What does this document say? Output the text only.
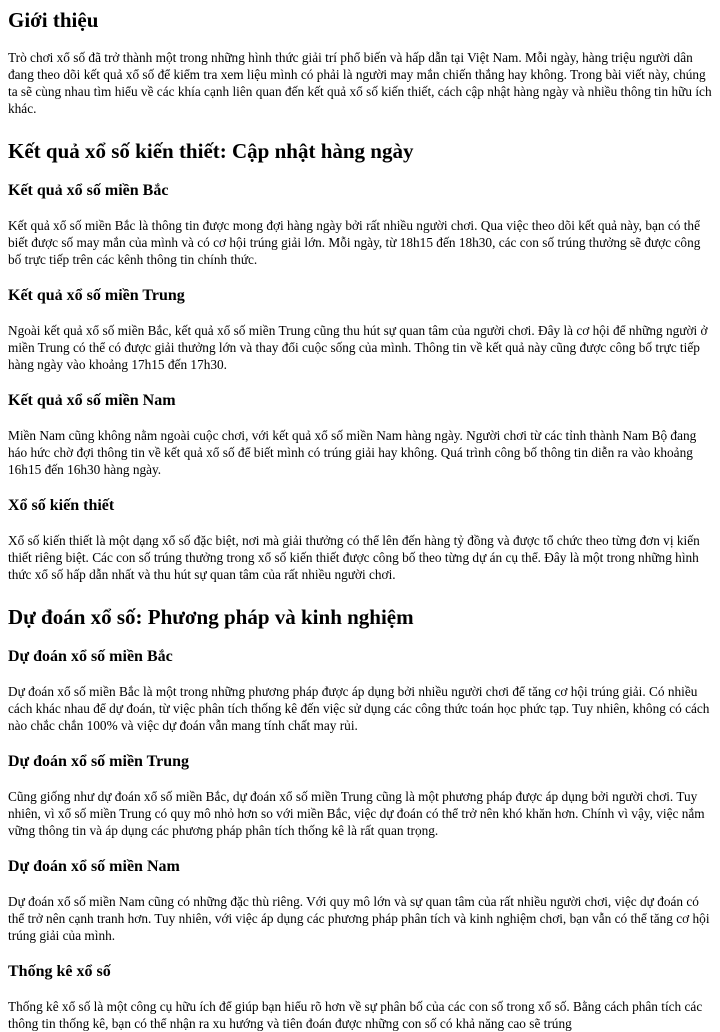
Giới thiệu

Trò chơi xổ số đã trở thành một trong những hình thức giải trí phổ biến và hấp dẫn tại Việt Nam. Mỗi ngày, hàng triệu người dân đang theo dõi kết quả xổ số để kiểm tra xem liệu mình có phải là người may mắn chiến thắng hay không. Trong bài viết này, chúng ta sẽ cùng nhau tìm hiểu về các khía cạnh liên quan đến kết quả xổ số kiến thiết, cách cập nhật hàng ngày và nhiều thông tin hữu ích khác.

Kết quả xổ số kiến thiết: Cập nhật hàng ngày
Kết quả xổ số miền Bắc

Kết quả xổ số miền Bắc là thông tin được mong đợi hàng ngày bởi rất nhiều người chơi. Qua việc theo dõi kết quả này, bạn có thể biết được số may mắn của mình và có cơ hội trúng giải lớn. Mỗi ngày, từ 18h15 đến 18h30, các con số trúng thưởng sẽ được công bố trực tiếp trên các kênh thông tin chính thức.

Kết quả xổ số miền Trung

Ngoài kết quả xổ số miền Bắc, kết quả xổ số miền Trung cũng thu hút sự quan tâm của người chơi. Đây là cơ hội để những người ở miền Trung có thể có được giải thưởng lớn và thay đổi cuộc sống của mình. Thông tin về kết quả này cũng được công bố trực tiếp hàng ngày vào khoảng 17h15 đến 17h30.

Kết quả xổ số miền Nam

Miền Nam cũng không nằm ngoài cuộc chơi, với kết quả xổ số miền Nam hàng ngày. Người chơi từ các tỉnh thành Nam Bộ đang háo hức chờ đợi thông tin về kết quả xổ số để biết mình có trúng giải hay không. Quá trình công bố thông tin diễn ra vào khoảng 16h15 đến 16h30 hàng ngày.

Xổ số kiến thiết

Xổ số kiến thiết là một dạng xổ số đặc biệt, nơi mà giải thưởng có thể lên đến hàng tỷ đồng và được tổ chức theo từng đơn vị kiến thiết riêng biệt. Các con số trúng thưởng trong xổ số kiến thiết được công bố theo từng dự án cụ thể. Đây là một trong những hình thức xổ số hấp dẫn nhất và thu hút sự quan tâm của rất nhiều người chơi.

Dự đoán xổ số: Phương pháp và kinh nghiệm
Dự đoán xổ số miền Bắc

Dự đoán xổ số miền Bắc là một trong những phương pháp được áp dụng bởi nhiều người chơi để tăng cơ hội trúng giải. Có nhiều cách khác nhau để dự đoán, từ việc phân tích thống kê đến việc sử dụng các công thức toán học phức tạp. Tuy nhiên, không có cách nào chắc chắn 100% và việc dự đoán vẫn mang tính chất may rủi.

Dự đoán xổ số miền Trung

Cũng giống như dự đoán xổ số miền Bắc, dự đoán xổ số miền Trung cũng là một phương pháp được áp dụng bởi người chơi. Tuy nhiên, vì xổ số miền Trung có quy mô nhỏ hơn so với miền Bắc, việc dự đoán có thể trở nên khó khăn hơn. Chính vì vậy, việc nắm vững thông tin và áp dụng các phương pháp phân tích thống kê là rất quan trọng.

Dự đoán xổ số miền Nam

Dự đoán xổ số miền Nam cũng có những đặc thù riêng. Với quy mô lớn và sự quan tâm của rất nhiều người chơi, việc dự đoán có thể trở nên cạnh tranh hơn. Tuy nhiên, với việc áp dụng các phương pháp phân tích và kinh nghiệm chơi, bạn vẫn có thể tăng cơ hội trúng giải của mình.

Thống kê xổ số

Thống kê xổ số là một công cụ hữu ích để giúp bạn hiểu rõ hơn về sự phân bố của các con số trong xổ số. Bằng cách phân tích các thông tin thống kê, bạn có thể nhận ra xu hướng và tiên đoán được những con số có khả năng cao sẽ trúng
